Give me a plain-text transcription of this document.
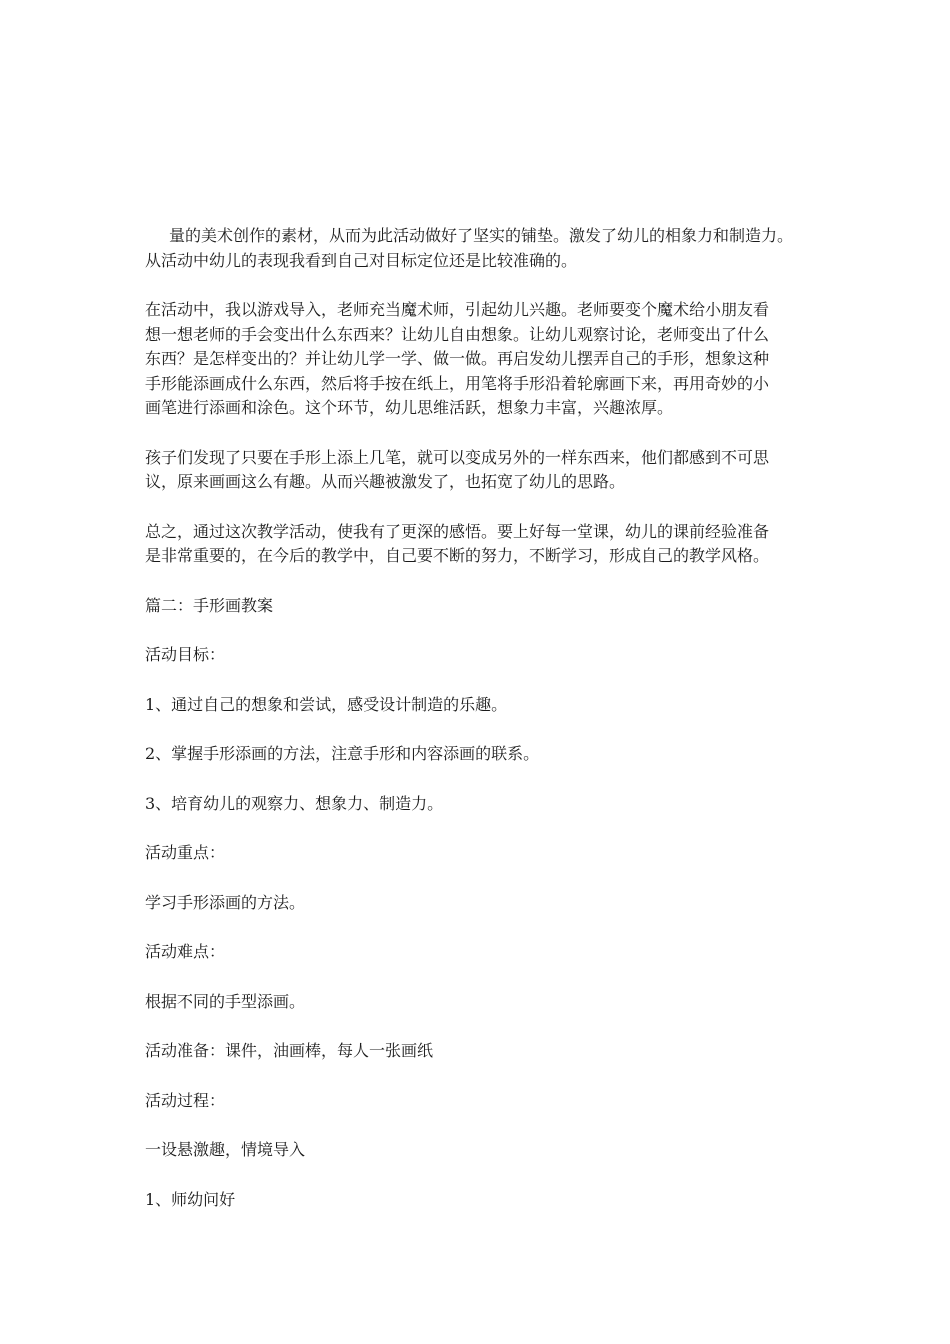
量的美术创作的素材，从而为此活动做好了坚实的铺垫。激发了幼儿的相象力和制造力。
从活动中幼儿的表现我看到自己对目标定位还是比较准确的。

在活动中，我以游戏导入，老师充当魔术师，引起幼儿兴趣。老师要变个魔术给小朋友看
想一想老师的手会变出什么东西来？让幼儿自由想象。让幼儿观察讨论，老师变出了什么
东西？是怎样变出的？并让幼儿学一学、做一做。再启发幼儿摆弄自己的手形，想象这种
手形能添画成什么东西，然后将手按在纸上，用笔将手形沿着轮廓画下来，再用奇妙的小
画笔进行添画和涂色。这个环节，幼儿思维活跃，想象力丰富，兴趣浓厚。

孩子们发现了只要在手形上添上几笔，就可以变成另外的一样东西来，他们都感到不可思
议，原来画画这么有趣。从而兴趣被激发了，也拓宽了幼儿的思路。

总之，通过这次教学活动，使我有了更深的感悟。要上好每一堂课，幼儿的课前经验准备
是非常重要的，在今后的教学中，自己要不断的努力，不断学习，形成自己的教学风格。

篇二：手形画教案

活动目标：

1、通过自己的想象和尝试，感受设计制造的乐趣。

2、掌握手形添画的方法，注意手形和内容添画的联系。

3、培育幼儿的观察力、想象力、制造力。

活动重点：

学习手形添画的方法。

活动难点：

根据不同的手型添画。

活动准备：课件，油画棒，每人一张画纸

活动过程：

一设悬激趣，情境导入

1、师幼问好
